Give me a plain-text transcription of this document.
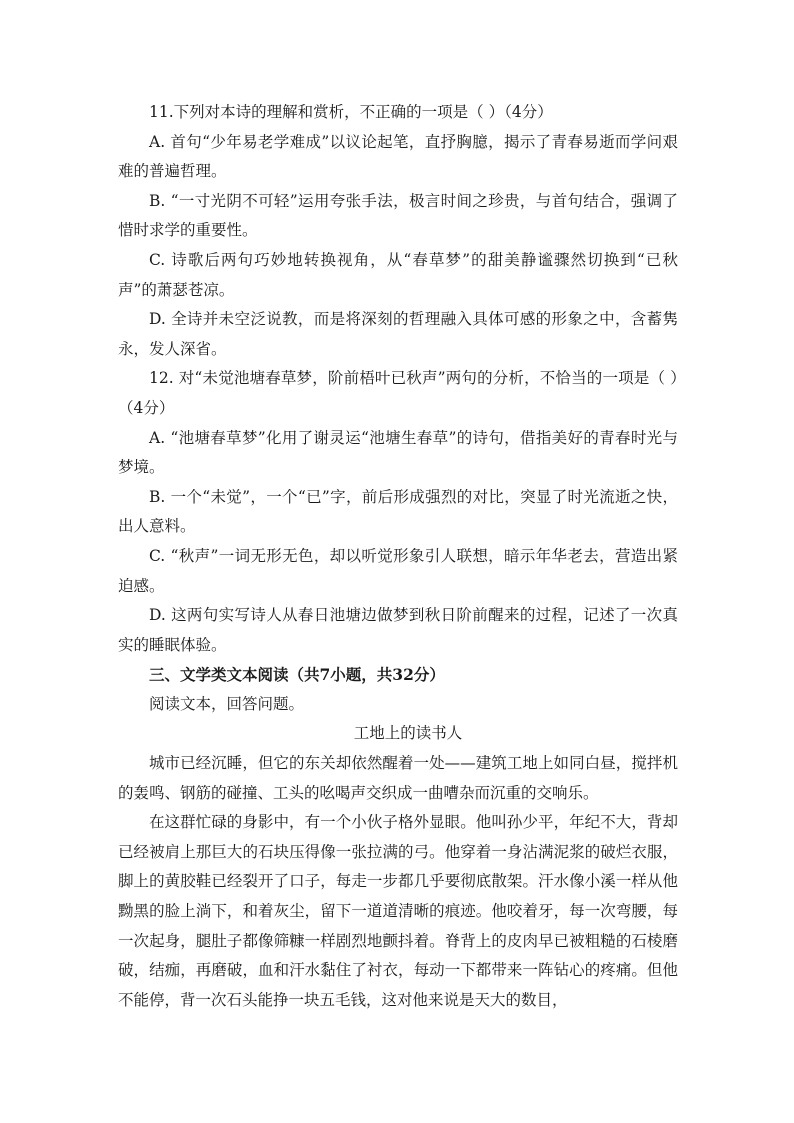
11.下列对本诗的理解和赏析，不正确的一项是（ ）（4分）

A. 首句“少年易老学难成”以议论起笔，直抒胸臆，揭示了青春易逝而学问艰难的普遍哲理。

B. “一寸光阴不可轻”运用夸张手法，极言时间之珍贵，与首句结合，强调了惜时求学的重要性。

C. 诗歌后两句巧妙地转换视角，从“春草梦”的甜美静谧骤然切换到“已秋声”的萧瑟苍凉。

D. 全诗并未空泛说教，而是将深刻的哲理融入具体可感的形象之中，含蓄隽永，发人深省。

12. 对“未觉池塘春草梦，阶前梧叶已秋声”两句的分析，不恰当的一项是（ ）（4分）

A. “池塘春草梦”化用了谢灵运“池塘生春草”的诗句，借指美好的青春时光与梦境。

B. 一个“未觉”，一个“已”字，前后形成强烈的对比，突显了时光流逝之快，出人意料。

C. “秋声”一词无形无色，却以听觉形象引人联想，暗示年华老去，营造出紧迫感。

D. 这两句实写诗人从春日池塘边做梦到秋日阶前醒来的过程，记述了一次真实的睡眠体验。

三、文学类文本阅读（共7小题，共32分）

阅读文本，回答问题。

工地上的读书人

城市已经沉睡，但它的东关却依然醒着一处——建筑工地上如同白昼，搅拌机的轰鸣、钢筋的碰撞、工头的吆喝声交织成一曲嘈杂而沉重的交响乐。

在这群忙碌的身影中，有一个小伙子格外显眼。他叫孙少平，年纪不大，背却已经被肩上那巨大的石块压得像一张拉满的弓。他穿着一身沾满泥浆的破烂衣服，脚上的黄胶鞋已经裂开了口子，每走一步都几乎要彻底散架。汗水像小溪一样从他黝黑的脸上淌下，和着灰尘，留下一道道清晰的痕迹。他咬着牙，每一次弯腰，每一次起身，腿肚子都像筛糠一样剧烈地颤抖着。脊背上的皮肉早已被粗糙的石棱磨破，结痂，再磨破，血和汗水黏住了衬衣，每动一下都带来一阵钻心的疼痛。但他不能停，背一次石头能挣一块五毛钱，这对他来说是天大的数目，
